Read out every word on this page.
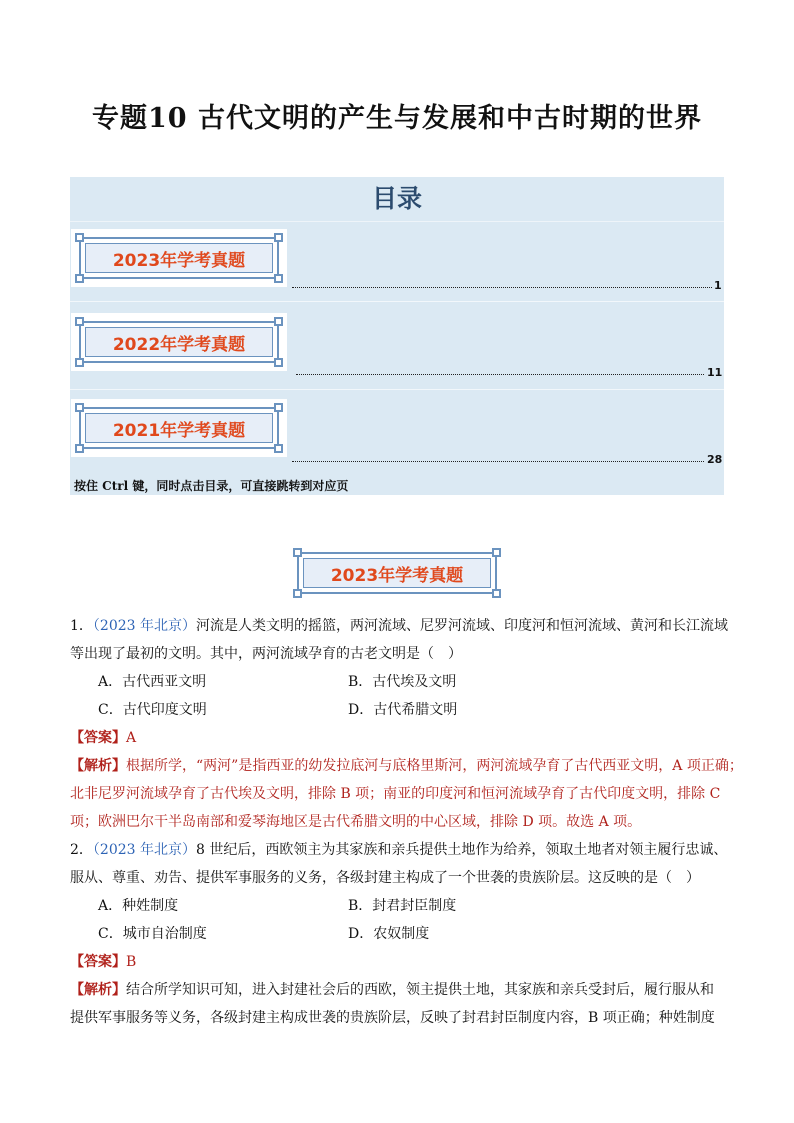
专题10 古代文明的产生与发展和中古时期的世界
目录
2023年学考真题
1
2022年学考真题
11
2021年学考真题
28
按住 Ctrl 键，同时点击目录，可直接跳转到对应页
2023年学考真题
1．（2023 年北京）河流是人类文明的摇篮，两河流域、尼罗河流域、印度河和恒河流域、黄河和长江流域
等出现了最初的文明。其中，两河流域孕育的古老文明是（　）
A．古代西亚文明	B．古代埃及文明
C．古代印度文明	D．古代希腊文明
【答案】A
【解析】根据所学，“两河”是指西亚的幼发拉底河与底格里斯河，两河流域孕育了古代西亚文明，A 项正确；
北非尼罗河流域孕育了古代埃及文明，排除 B 项；南亚的印度河和恒河流域孕育了古代印度文明，排除 C
项；欧洲巴尔干半岛南部和爱琴海地区是古代希腊文明的中心区域，排除 D 项。故选 A 项。
2．（2023 年北京）8 世纪后，西欧领主为其家族和亲兵提供土地作为给养，领取土地者对领主履行忠诚、
服从、尊重、劝告、提供军事服务的义务，各级封建主构成了一个世袭的贵族阶层。这反映的是（　）
A．种姓制度	B．封君封臣制度
C．城市自治制度	D．农奴制度
【答案】B
【解析】结合所学知识可知，进入封建社会后的西欧，领主提供土地，其家族和亲兵受封后，履行服从和
提供军事服务等义务，各级封建主构成世袭的贵族阶层，反映了封君封臣制度内容，B 项正确；种姓制度
